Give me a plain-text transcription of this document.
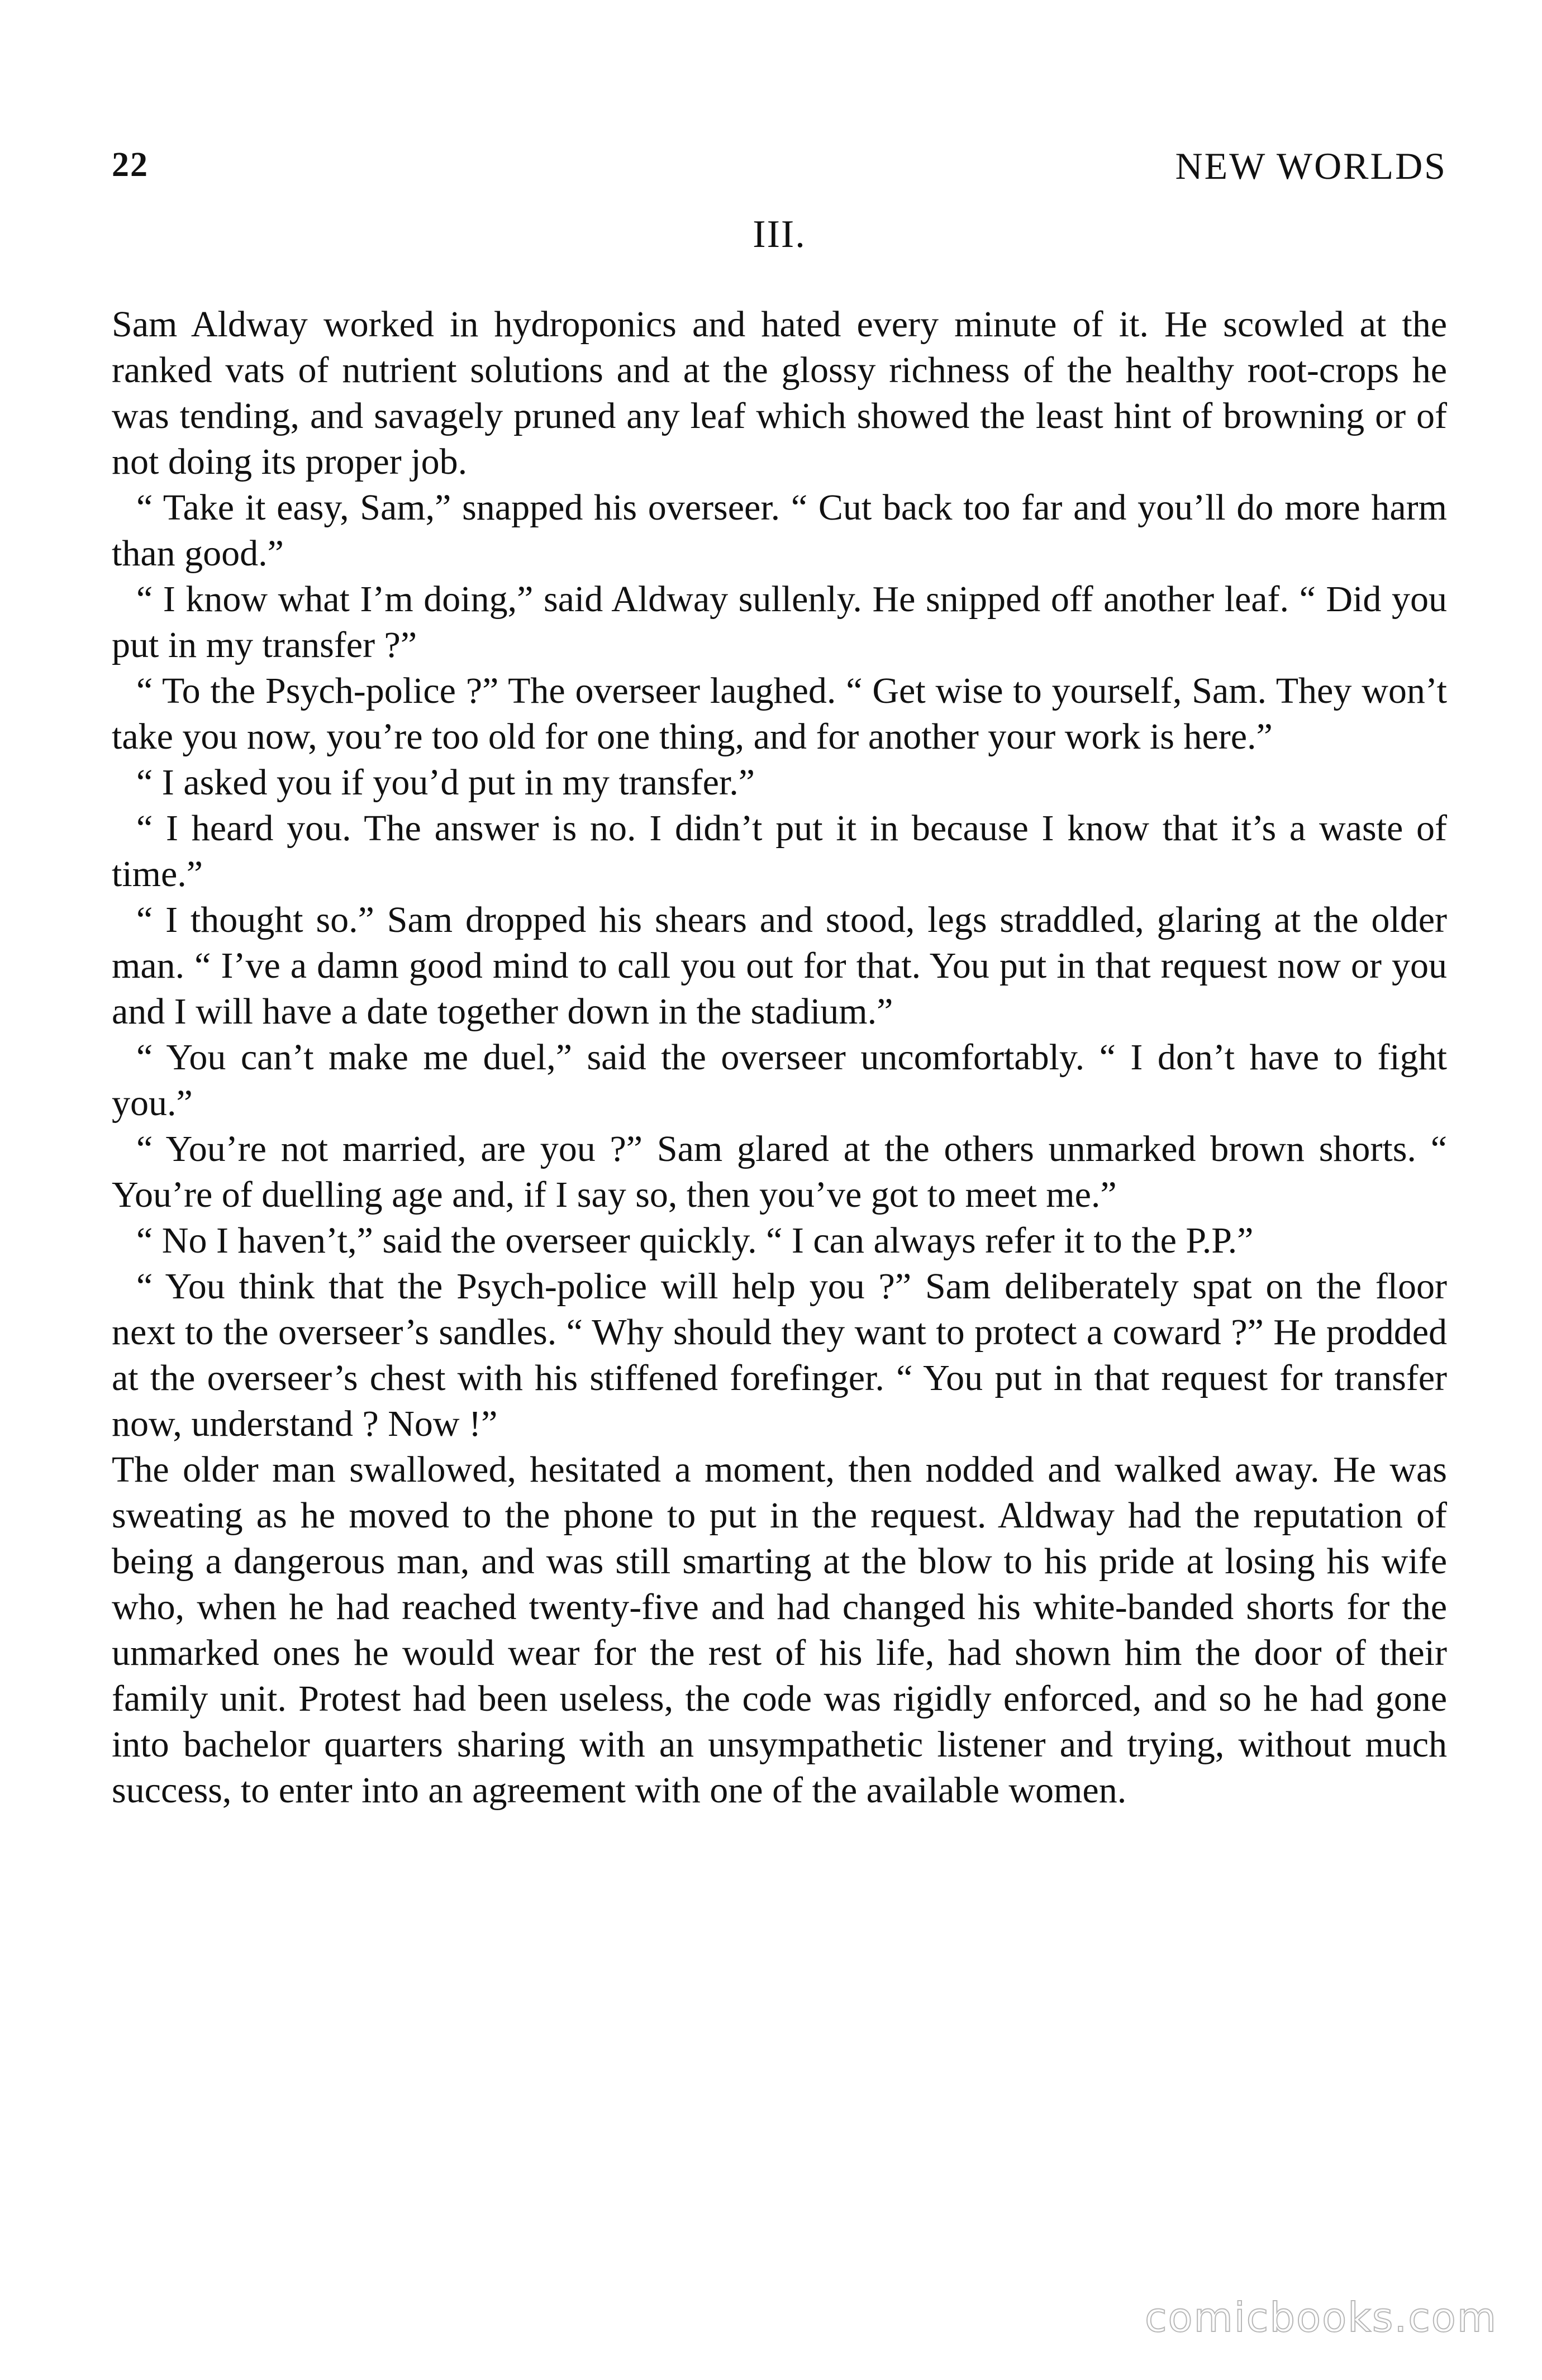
22	NEW WORLDS
III.

Sam Aldway worked in hydroponics and hated every minute of it. He scowled at the ranked vats of nutrient solutions and at the glossy richness of the healthy root-crops he was tending, and savagely pruned any leaf which showed the least hint of browning or of not doing its proper job.

“ Take it easy, Sam,” snapped his overseer. “ Cut back too far and you’ll do more harm than good.”

“ I know what I’m doing,” said Aldway sullenly. He snipped off another leaf. “ Did you put in my transfer ?”

“ To the Psych-police ?” The overseer laughed. “ Get wise to yourself, Sam. They won’t take you now, you’re too old for one thing, and for another your work is here.”

“ I asked you if you’d put in my transfer.”

“ I heard you. The answer is no. I didn’t put it in because I know that it’s a waste of time.”

“ I thought so.” Sam dropped his shears and stood, legs straddled, glaring at the older man. “ I’ve a damn good mind to call you out for that. You put in that request now or you and I will have a date together down in the stadium.”

“ You can’t make me duel,” said the overseer uncomfortably. “ I don’t have to fight you.”

“ You’re not married, are you ?” Sam glared at the others unmarked brown shorts. “ You’re of duelling age and, if I say so, then you’ve got to meet me.”

“ No I haven’t,” said the overseer quickly. “ I can always refer it to the P.P.”

“ You think that the Psych-police will help you ?” Sam deliberately spat on the floor next to the overseer’s sandles. “ Why should they want to protect a coward ?” He prodded at the overseer’s chest with his stiffened forefinger. “ You put in that request for transfer now, understand ? Now !”

The older man swallowed, hesitated a moment, then nodded and walked away. He was sweating as he moved to the phone to put in the request. Aldway had the reputation of being a dangerous man, and was still smarting at the blow to his pride at losing his wife who, when he had reached twenty-five and had changed his white-banded shorts for the unmarked ones he would wear for the rest of his life, had shown him the door of their family unit. Protest had been useless, the code was rigidly enforced, and so he had gone into bachelor quarters sharing with an unsympathetic listener and trying, without much success, to enter into an agreement with one of the available women.

comicbooks.com
